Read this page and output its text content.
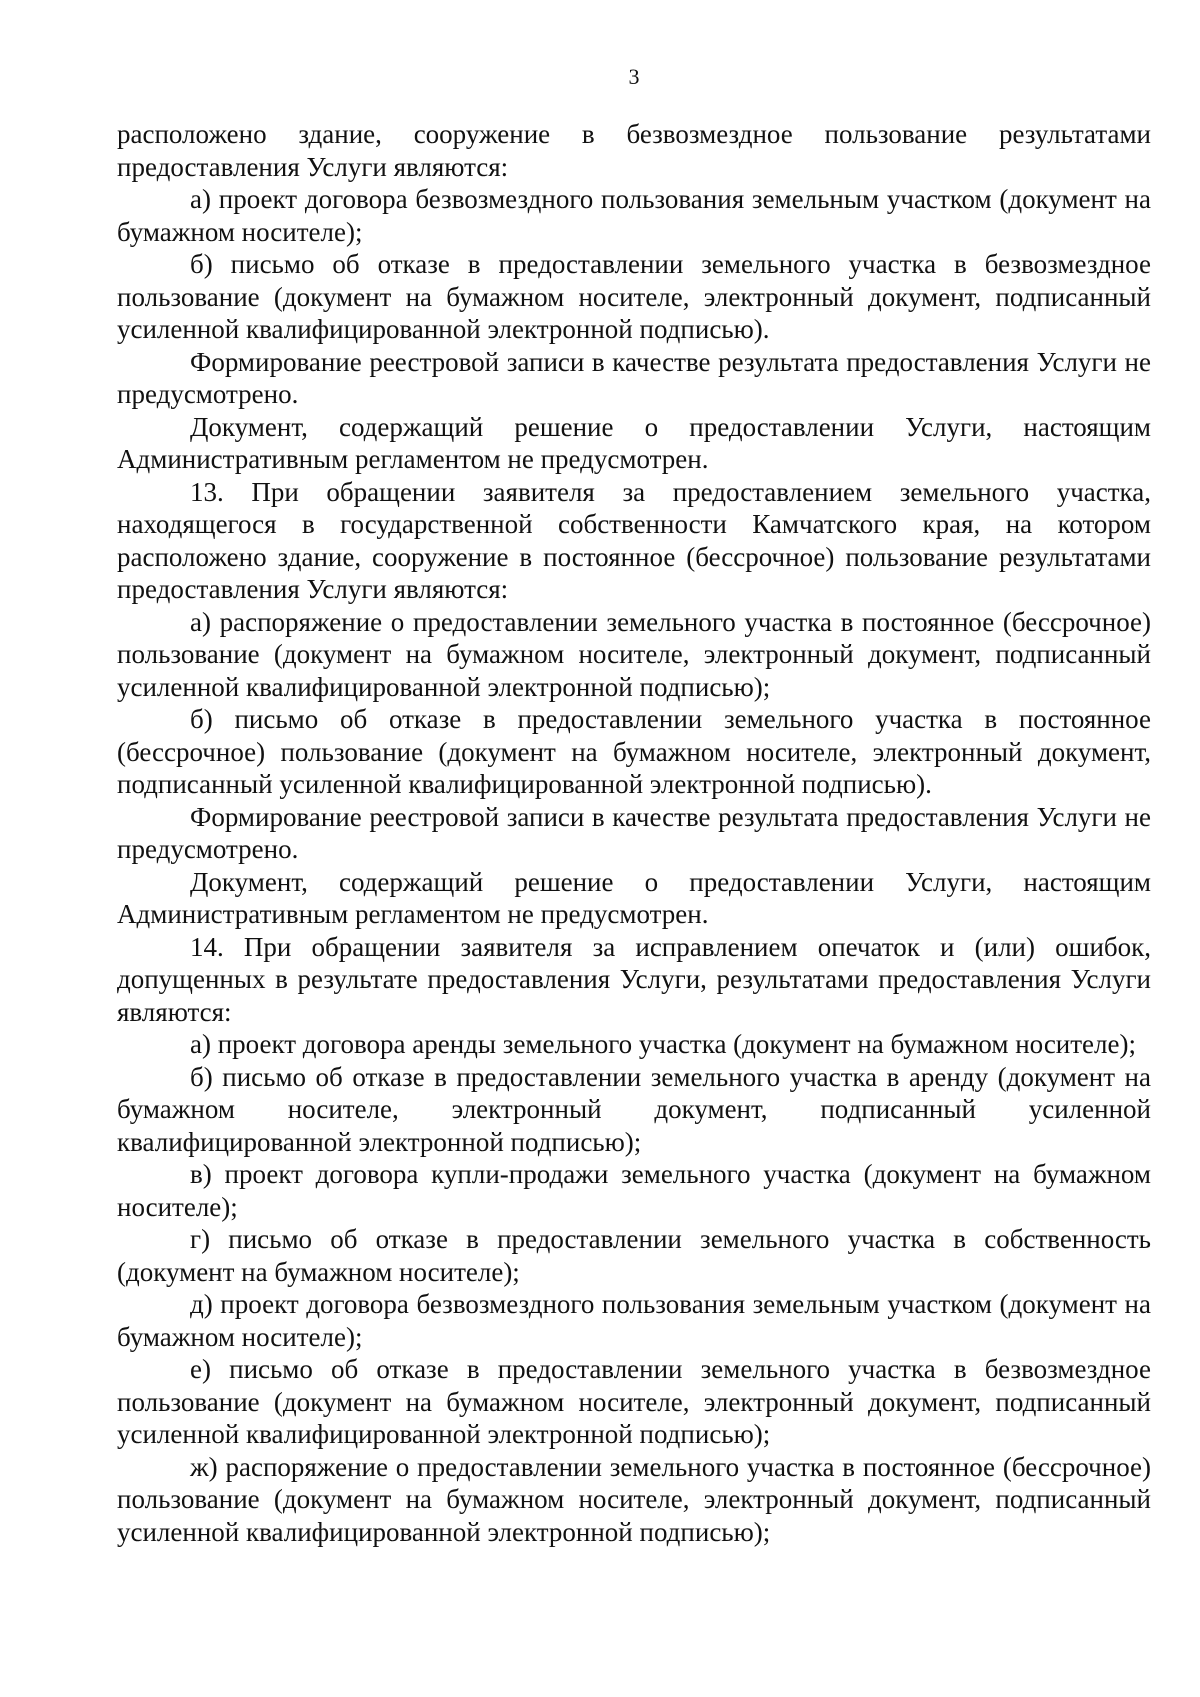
3

расположено здание, сооружение в безвозмездное пользование результатами предоставления Услуги являются:

а) проект договора безвозмездного пользования земельным участком (документ на бумажном носителе);

б) письмо об отказе в предоставлении земельного участка в безвозмездное пользование (документ на бумажном носителе, электронный документ, подписанный усиленной квалифицированной электронной подписью).

Формирование реестровой записи в качестве результата предоставления Услуги не предусмотрено.

Документ, содержащий решение о предоставлении Услуги, настоящим Административным регламентом не предусмотрен.

13. При обращении заявителя за предоставлением земельного участка, находящегося в государственной собственности Камчатского края, на котором расположено здание, сооружение в постоянное (бессрочное) пользование результатами предоставления Услуги являются:

а) распоряжение о предоставлении земельного участка в постоянное (бессрочное) пользование (документ на бумажном носителе, электронный документ, подписанный усиленной квалифицированной электронной подписью);

б) письмо об отказе в предоставлении земельного участка в постоянное (бессрочное) пользование (документ на бумажном носителе, электронный документ, подписанный усиленной квалифицированной электронной подписью).

Формирование реестровой записи в качестве результата предоставления Услуги не предусмотрено.

Документ, содержащий решение о предоставлении Услуги, настоящим Административным регламентом не предусмотрен.

14. При обращении заявителя за исправлением опечаток и (или) ошибок, допущенных в результате предоставления Услуги, результатами предоставления Услуги являются:

а) проект договора аренды земельного участка (документ на бумажном носителе);

б) письмо об отказе в предоставлении земельного участка в аренду (документ на бумажном носителе, электронный документ, подписанный усиленной квалифицированной электронной подписью);

в) проект договора купли-продажи земельного участка (документ на бумажном носителе);

г) письмо об отказе в предоставлении земельного участка в собственность (документ на бумажном носителе);

д) проект договора безвозмездного пользования земельным участком (документ на бумажном носителе);

е) письмо об отказе в предоставлении земельного участка в безвозмездное пользование (документ на бумажном носителе, электронный документ, подписанный усиленной квалифицированной электронной подписью);

ж) распоряжение о предоставлении земельного участка в постоянное (бессрочное) пользование (документ на бумажном носителе, электронный документ, подписанный усиленной квалифицированной электронной подписью);
